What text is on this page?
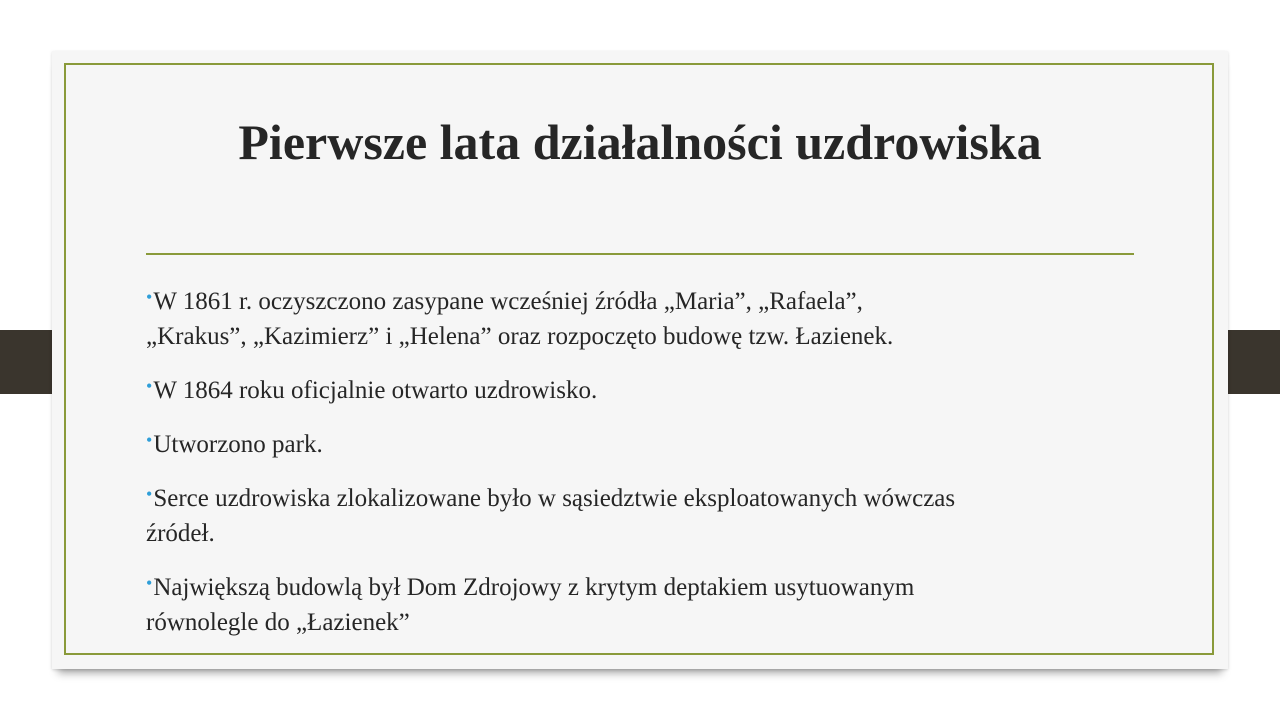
Pierwsze lata działalności uzdrowiska
•W 1861 r. oczyszczono zasypane wcześniej źródła „Maria”, „Rafaela”,
„Krakus”, „Kazimierz” i „Helena” oraz rozpoczęto budowę tzw. Łazienek.
•W 1864 roku oficjalnie otwarto uzdrowisko.
•Utworzono park.
•Serce uzdrowiska zlokalizowane było w sąsiedztwie eksploatowanych wówczas
źródeł.
•Największą budowlą był Dom Zdrojowy z krytym deptakiem usytuowanym
równolegle do „Łazienek”
